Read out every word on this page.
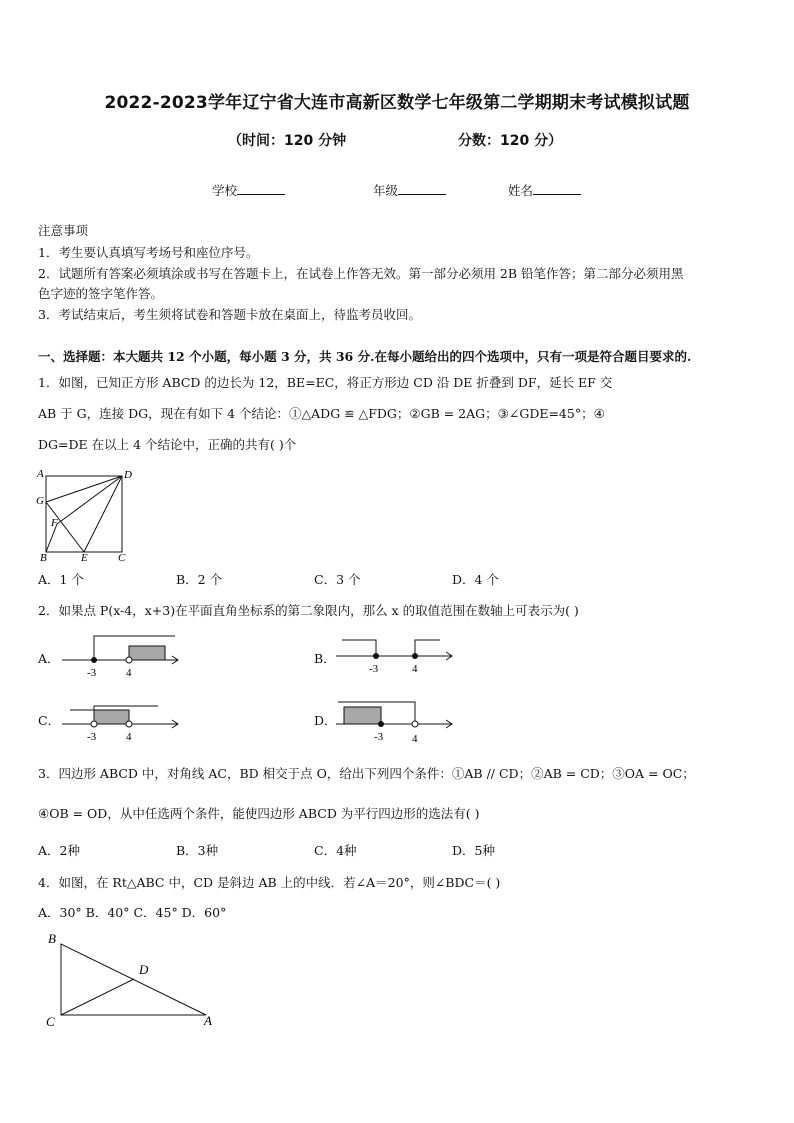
2022-2023学年辽宁省大连市高新区数学七年级第二学期期末考试模拟试题
（时间：120 分钟	分数：120 分）
学校	年级	姓名
注意事项
1．考生要认真填写考场号和座位序号。
2．试题所有答案必须填涂或书写在答题卡上，在试卷上作答无效。第一部分必须用 2B 铅笔作答；第二部分必须用黑
色字迹的签字笔作答。
3．考试结束后，考生须将试卷和答题卡放在桌面上，待监考员收回。
一、选择题：本大题共 12 个小题，每小题 3 分，共 36 分.在每小题给出的四个选项中，只有一项是符合题目要求的.
1．如图，已知正方形 ABCD 的边长为 12，BE=EC，将正方形边 CD 沿 DE 折叠到 DF，延长 EF 交
AB 于 G，连接 DG，现在有如下 4 个结论：①△ADG ≌ △FDG；②GB = 2AG；③∠GDE=45°；④
DG=DE 在以上 4 个结论中，正确的共有( )个
A	D
G
F
B	E	C
A．1 个	B．2 个	C．3 个	D．4 个
2．如果点 P(x-4，x+3)在平面直角坐标系的第二象限内，那么 x 的取值范围在数轴上可表示为( )
A．
-3	4
B．
-3	4
C．
-3	4
D．
-3	4
3．四边形 ABCD 中，对角线 AC，BD 相交于点 O，给出下列四个条件：①AB // CD；②AB = CD；③OA = OC；
④OB = OD，从中任选两个条件，能使四边形 ABCD 为平行四边形的选法有( )
A．2种	B．3种	C．4种	D．5种
4．如图，在 Rt△ABC 中，CD 是斜边 AB 上的中线．若∠A＝20°，则∠BDC＝( )
A．30° B．40° C．45° D．60°
B
D
C	A
